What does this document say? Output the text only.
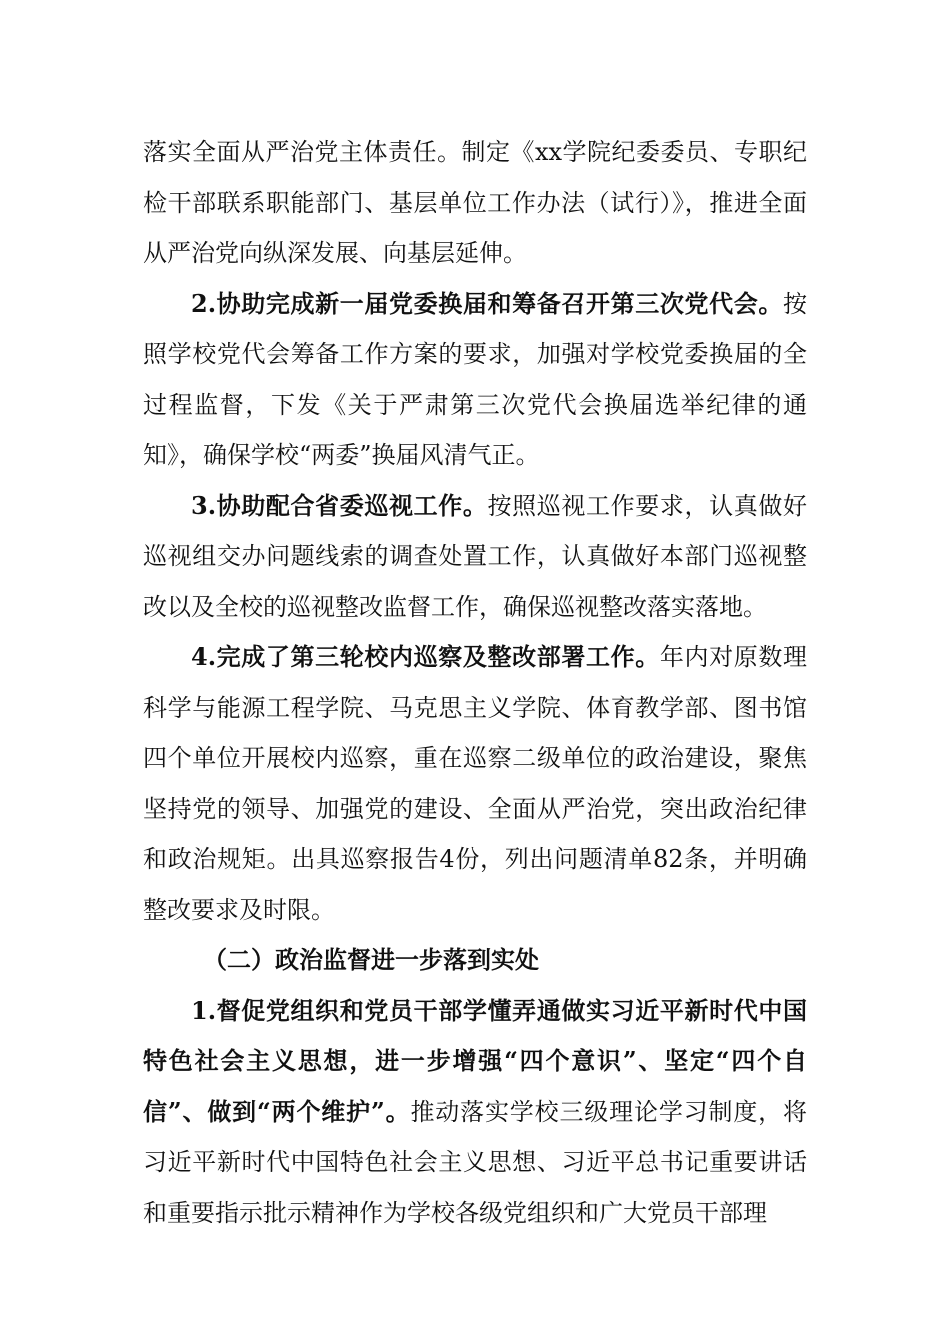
落实全面从严治党主体责任。制定《xx学院纪委委员、专职纪检干部联系职能部门、基层单位工作办法（试行）》，推进全面从严治党向纵深发展、向基层延伸。

2.协助完成新一届党委换届和筹备召开第三次党代会。按照学校党代会筹备工作方案的要求，加强对学校党委换届的全过程监督，下发《关于严肃第三次党代会换届选举纪律的通知》，确保学校“两委”换届风清气正。

3.协助配合省委巡视工作。按照巡视工作要求，认真做好巡视组交办问题线索的调查处置工作，认真做好本部门巡视整改以及全校的巡视整改监督工作，确保巡视整改落实落地。

4.完成了第三轮校内巡察及整改部署工作。年内对原数理科学与能源工程学院、马克思主义学院、体育教学部、图书馆四个单位开展校内巡察，重在巡察二级单位的政治建设，聚焦坚持党的领导、加强党的建设、全面从严治党，突出政治纪律和政治规矩。出具巡察报告4份，列出问题清单82条，并明确整改要求及时限。

（二）政治监督进一步落到实处

1.督促党组织和党员干部学懂弄通做实习近平新时代中国特色社会主义思想，进一步增强“四个意识”、坚定“四个自信”、做到“两个维护”。推动落实学校三级理论学习制度，将习近平新时代中国特色社会主义思想、习近平总书记重要讲话和重要指示批示精神作为学校各级党组织和广大党员干部理
